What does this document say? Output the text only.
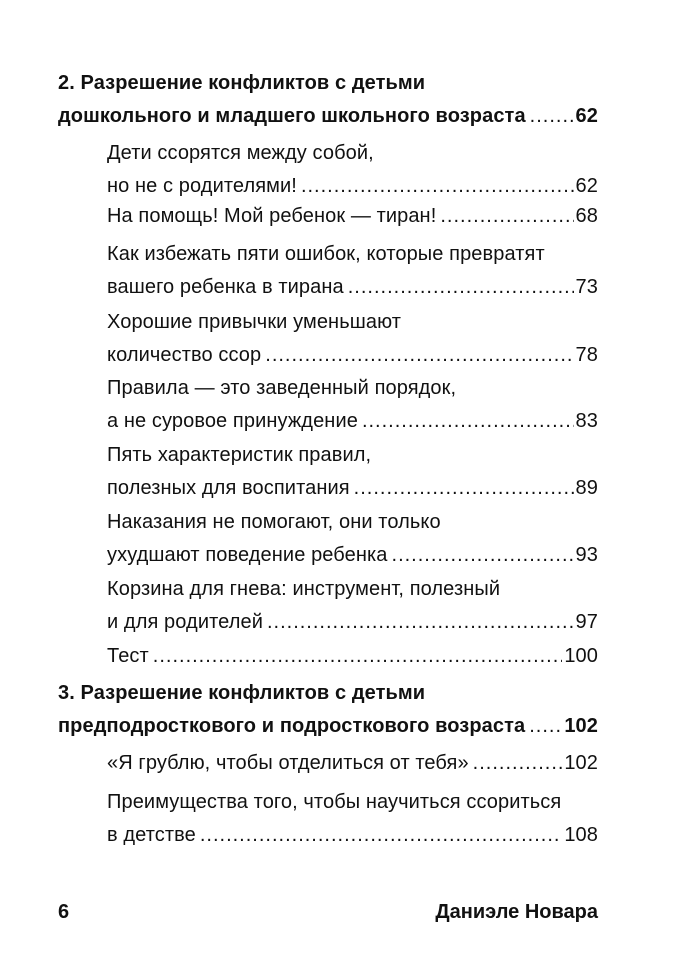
2. Разрешение конфликтов с детьми
дошкольного и младшего школьного возраста ..... 62
Дети ссорятся между собой,
но не с родителями! .....	62
На помощь! Мой ребенок — тиран! .....	68
Как избежать пяти ошибок, которые превратят
вашего ребенка в тирана .....	73
Хорошие привычки уменьшают
количество ссор .....	78
Правила — это заведенный порядок,
а не суровое принуждение .....	83
Пять характеристик правил,
полезных для воспитания .....	89
Наказания не помогают, они только
ухудшают поведение ребенка .....	93
Корзина для гнева: инструмент, полезный
и для родителей .....	97
Тест .....	100
3. Разрешение конфликтов с детьми
предподросткового и подросткового возраста ..... 102
«Я грублю, чтобы отделиться от тебя» .....	102
Преимущества того, чтобы научиться ссориться
в детстве .....	108
6	Даниэле Новара
